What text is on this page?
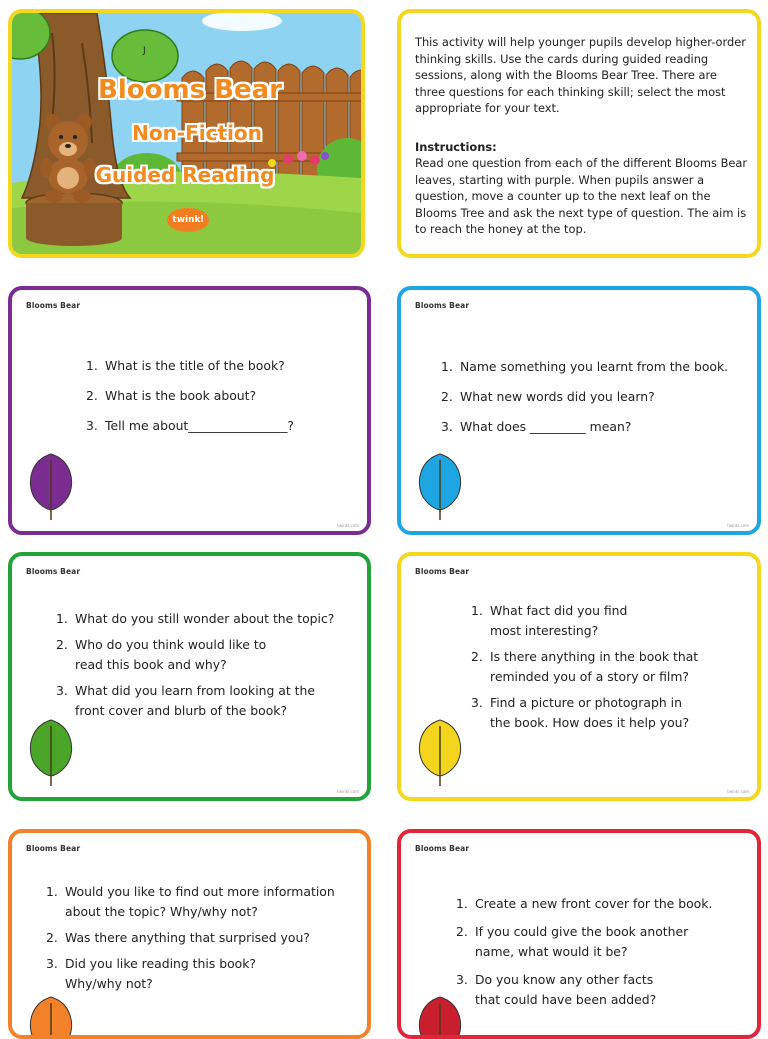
J
Blooms Bear
Non-Fiction
Guided Reading
twinkl

This activity will help younger pupils develop higher-order thinking skills. Use the cards during guided reading sessions, along with the Blooms Bear Tree. There are three questions for each thinking skill; select the most appropriate for your text.

Instructions:

Read one question from each of the different Blooms Bear leaves, starting with purple. When pupils answer a question, move a counter up to the next leaf on the Blooms Tree and ask the next type of question. The aim is to reach the honey at the top.

Blooms Bear
1. What is the title of the book?
2. What is the book about?
3. Tell me about________________?
twinkl.com
Blooms Bear
1. Name something you learnt from the book.
2. What new words did you learn?
3. What does _________ mean?
twinkl.com
Blooms Bear
1. What do you still wonder about the topic?
2. Who do you think would like to
read this book and why?
3. What did you learn from looking at the
front cover and blurb of the book?
twinkl.com
Blooms Bear
1. What fact did you find
most interesting?
2. Is there anything in the book that
reminded you of a story or film?
3. Find a picture or photograph in
the book. How does it help you?
twinkl.com
Blooms Bear
1. Would you like to find out more information
about the topic? Why/why not?
2. Was there anything that surprised you?
3. Did you like reading this book?
Why/why not?
Blooms Bear
1. Create a new front cover for the book.
2. If you could give the book another
name, what would it be?
3. Do you know any other facts
that could have been added?
